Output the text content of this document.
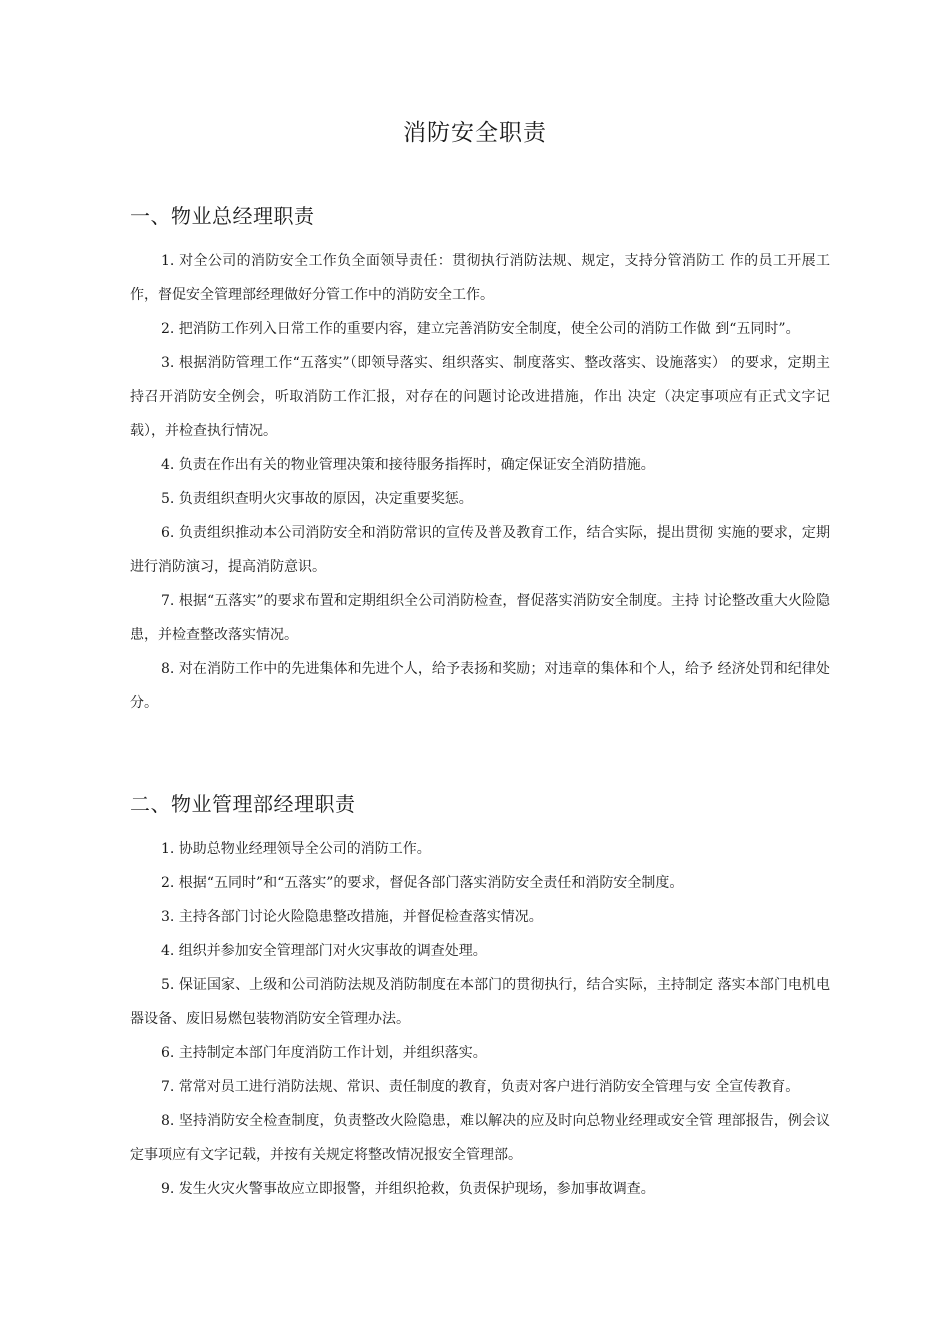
消防安全职责
一、物业总经理职责
1. 对全公司的消防安全工作负全面领导责任：贯彻执行消防法规、规定，支持分管消防工 作的员工开展工作，督促安全管理部经理做好分管工作中的消防安全工作。
2. 把消防工作列入日常工作的重要内容，建立完善消防安全制度，使全公司的消防工作做 到“五同时”。
3. 根据消防管理工作“五落实”（即领导落实、组织落实、制度落实、整改落实、设施落实） 的要求，定期主持召开消防安全例会，听取消防工作汇报，对存在的问题讨论改进措施，作出 决定（决定事项应有正式文字记载），并检查执行情况。
4. 负责在作出有关的物业管理决策和接待服务指挥时，确定保证安全消防措施。
5. 负责组织查明火灾事故的原因，决定重要奖惩。
6. 负责组织推动本公司消防安全和消防常识的宣传及普及教育工作，结合实际，提出贯彻 实施的要求，定期进行消防演习，提高消防意识。
7. 根据“五落实”的要求布置和定期组织全公司消防检查，督促落实消防安全制度。主持 讨论整改重大火险隐患，并检查整改落实情况。
8. 对在消防工作中的先进集体和先进个人，给予表扬和奖励；对违章的集体和个人，给予 经济处罚和纪律处分。
二、物业管理部经理职责
1. 协助总物业经理领导全公司的消防工作。
2. 根据“五同时”和“五落实”的要求，督促各部门落实消防安全责任和消防安全制度。
3. 主持各部门讨论火险隐患整改措施，并督促检查落实情况。
4. 组织并参加安全管理部门对火灾事故的调查处理。
5. 保证国家、上级和公司消防法规及消防制度在本部门的贯彻执行，结合实际，主持制定 落实本部门电机电器设备、废旧易燃包装物消防安全管理办法。
6. 主持制定本部门年度消防工作计划，并组织落实。
7. 常常对员工进行消防法规、常识、责任制度的教育，负责对客户进行消防安全管理与安 全宣传教育。
8. 坚持消防安全检查制度，负责整改火险隐患，难以解决的应及时向总物业经理或安全管 理部报告，例会议定事项应有文字记载，并按有关规定将整改情况报安全管理部。
9. 发生火灾火警事故应立即报警，并组织抢救，负责保护现场，参加事故调查。
